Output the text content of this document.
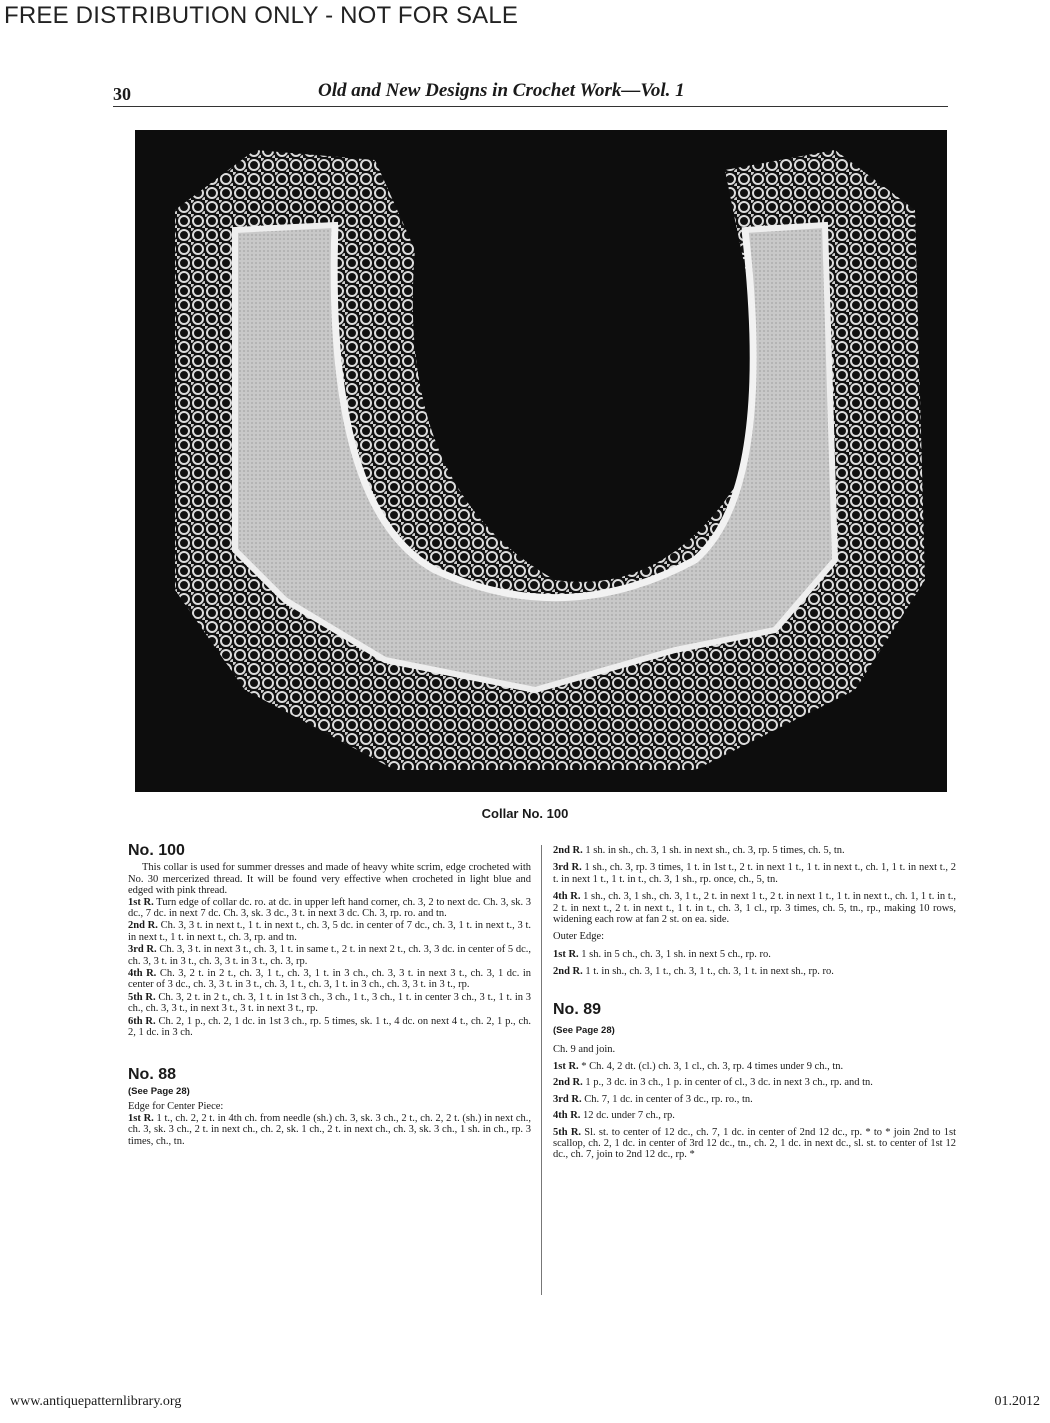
FREE DISTRIBUTION ONLY - NOT FOR SALE
30	Old and New Designs in Crochet Work—Vol. 1
Collar No. 100

No. 100

This collar is used for summer dresses and made of heavy white scrim, edge crocheted with No. 30 mercerized thread. It will be found very effective when crocheted in light blue and edged with pink thread.

1st R. Turn edge of collar dc. ro. at dc. in upper left hand corner, ch. 3, 2 to next dc. Ch. 3, sk. 3 dc., 7 dc. in next 7 dc. Ch. 3, sk. 3 dc., 3 t. in next 3 dc. Ch. 3, rp. ro. and tn.

2nd R. Ch. 3, 3 t. in next t., 1 t. in next t., ch. 3, 5 dc. in center of 7 dc., ch. 3, 1 t. in next t., 3 t. in next t., 1 t. in next t., ch. 3, rp. and tn.

3rd R. Ch. 3, 3 t. in next 3 t., ch. 3, 1 t. in same t., 2 t. in next 2 t., ch. 3, 3 dc. in center of 5 dc., ch. 3, 3 t. in 3 t., ch. 3, 3 t. in 3 t., ch. 3, rp.

4th R. Ch. 3, 2 t. in 2 t., ch. 3, 1 t., ch. 3, 1 t. in 3 ch., ch. 3, 3 t. in next 3 t., ch. 3, 1 dc. in center of 3 dc., ch. 3, 3 t. in 3 t., ch. 3, 1 t., ch. 3, 1 t. in 3 ch., ch. 3, 3 t. in 3 t., rp.

5th R. Ch. 3, 2 t. in 2 t., ch. 3, 1 t. in 1st 3 ch., 3 ch., 1 t., 3 ch., 1 t. in center 3 ch., 3 t., 1 t. in 3 ch., ch. 3, 3 t., in next 3 t., 3 t. in next 3 t., rp.

6th R. Ch. 2, 1 p., ch. 2, 1 dc. in 1st 3 ch., rp. 5 times, sk. 1 t., 4 dc. on next 4 t., ch. 2, 1 p., ch. 2, 1 dc. in 3 ch.

No. 88

(See Page 28)

Edge for Center Piece:

1st R. 1 t., ch. 2, 2 t. in 4th ch. from needle (sh.) ch. 3, sk. 3 ch., 2 t., ch. 2, 2 t. (sh.) in next ch., ch. 3, sk. 3 ch., 2 t. in next ch., ch. 2, sk. 1 ch., 2 t. in next ch., ch. 3, sk. 3 ch., 1 sh. in ch., rp. 3 times, ch., tn.

2nd R. 1 sh. in sh., ch. 3, 1 sh. in next sh., ch. 3, rp. 5 times, ch. 5, tn.

3rd R. 1 sh., ch. 3, rp. 3 times, 1 t. in 1st t., 2 t. in next 1 t., 1 t. in next t., ch. 1, 1 t. in next t., 2 t. in next 1 t., 1 t. in t., ch. 3, 1 sh., rp. once, ch., 5, tn.

4th R. 1 sh., ch. 3, 1 sh., ch. 3, 1 t., 2 t. in next 1 t., 2 t. in next 1 t., 1 t. in next t., ch. 1, 1 t. in t., 2 t. in next t., 2 t. in next t., 1 t. in t., ch. 3, 1 cl., rp. 3 times, ch. 5, tn., rp., making 10 rows, widening each row at fan 2 st. on ea. side.

Outer Edge:

1st R. 1 sh. in 5 ch., ch. 3, 1 sh. in next 5 ch., rp. ro.

2nd R. 1 t. in sh., ch. 3, 1 t., ch. 3, 1 t., ch. 3, 1 t. in next sh., rp. ro.

No. 89

(See Page 28)

Ch. 9 and join.

1st R. * Ch. 4, 2 dt. (cl.) ch. 3, 1 cl., ch. 3, rp. 4 times under 9 ch., tn.

2nd R. 1 p., 3 dc. in 3 ch., 1 p. in center of cl., 3 dc. in next 3 ch., rp. and tn.

3rd R. Ch. 7, 1 dc. in center of 3 dc., rp. ro., tn.

4th R. 12 dc. under 7 ch., rp.

5th R. Sl. st. to center of 12 dc., ch. 7, 1 dc. in center of 2nd 12 dc., rp. * to * join 2nd to 1st scallop, ch. 2, 1 dc. in center of 3rd 12 dc., tn., ch. 2, 1 dc. in next dc., sl. st. to center of 1st 12 dc., ch. 7, join to 2nd 12 dc., rp. *

www.antiquepatternlibrary.org	01.2012
